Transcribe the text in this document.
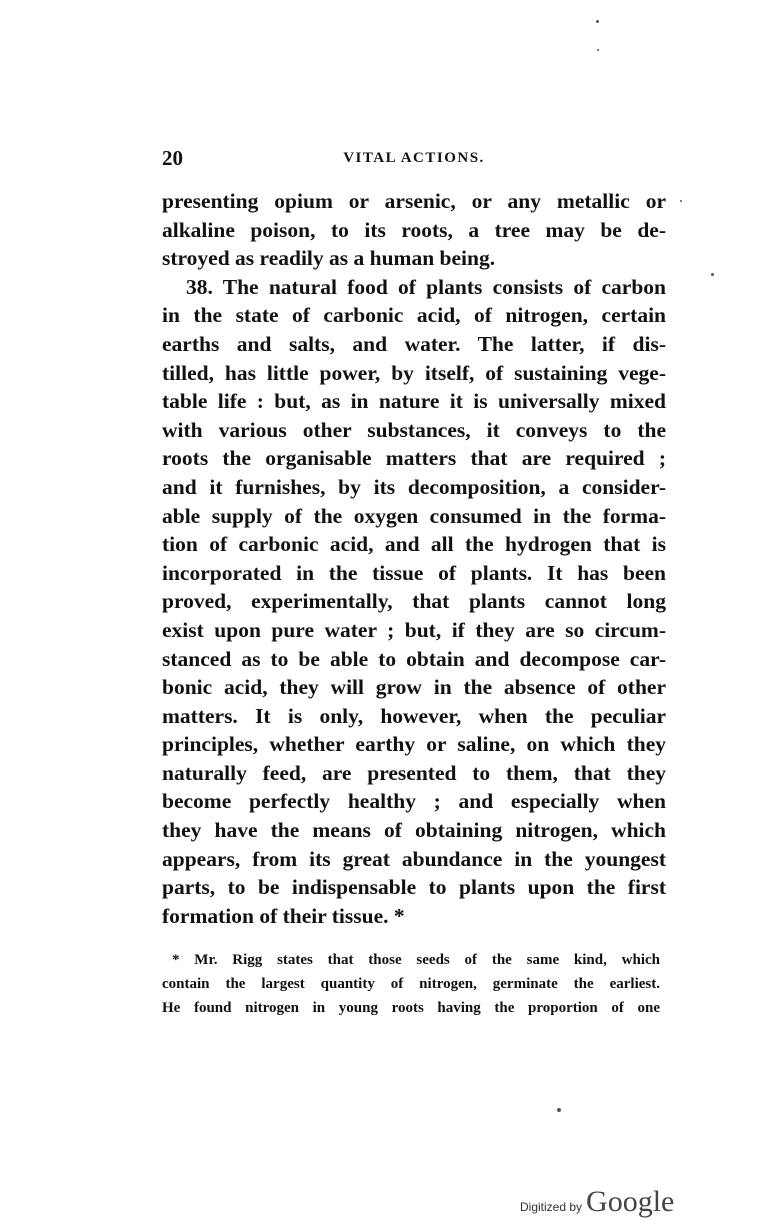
20	VITAL ACTIONS.

presenting opium or arsenic, or any metallic or
alkaline poison, to its roots, a tree may be de-
stroyed as readily as a human being.

38. The natural food of plants consists of carbon
in the state of carbonic acid, of nitrogen, certain
earths and salts, and water. The latter, if dis-
tilled, has little power, by itself, of sustaining vege-
table life : but, as in nature it is universally mixed
with various other substances, it conveys to the
roots the organisable matters that are required ;
and it furnishes, by its decomposition, a consider-
able supply of the oxygen consumed in the forma-
tion of carbonic acid, and all the hydrogen that is
incorporated in the tissue of plants. It has been
proved, experimentally, that plants cannot long
exist upon pure water ; but, if they are so circum-
stanced as to be able to obtain and decompose car-
bonic acid, they will grow in the absence of other
matters. It is only, however, when the peculiar
principles, whether earthy or saline, on which they
naturally feed, are presented to them, that they
become perfectly healthy ; and especially when
they have the means of obtaining nitrogen, which
appears, from its great abundance in the youngest
parts, to be indispensable to plants upon the first
formation of their tissue. *

* Mr. Rigg states that those seeds of the same kind, which
contain the largest quantity of nitrogen, germinate the earliest.
He found nitrogen in young roots having the proportion of one
Digitized by Google
